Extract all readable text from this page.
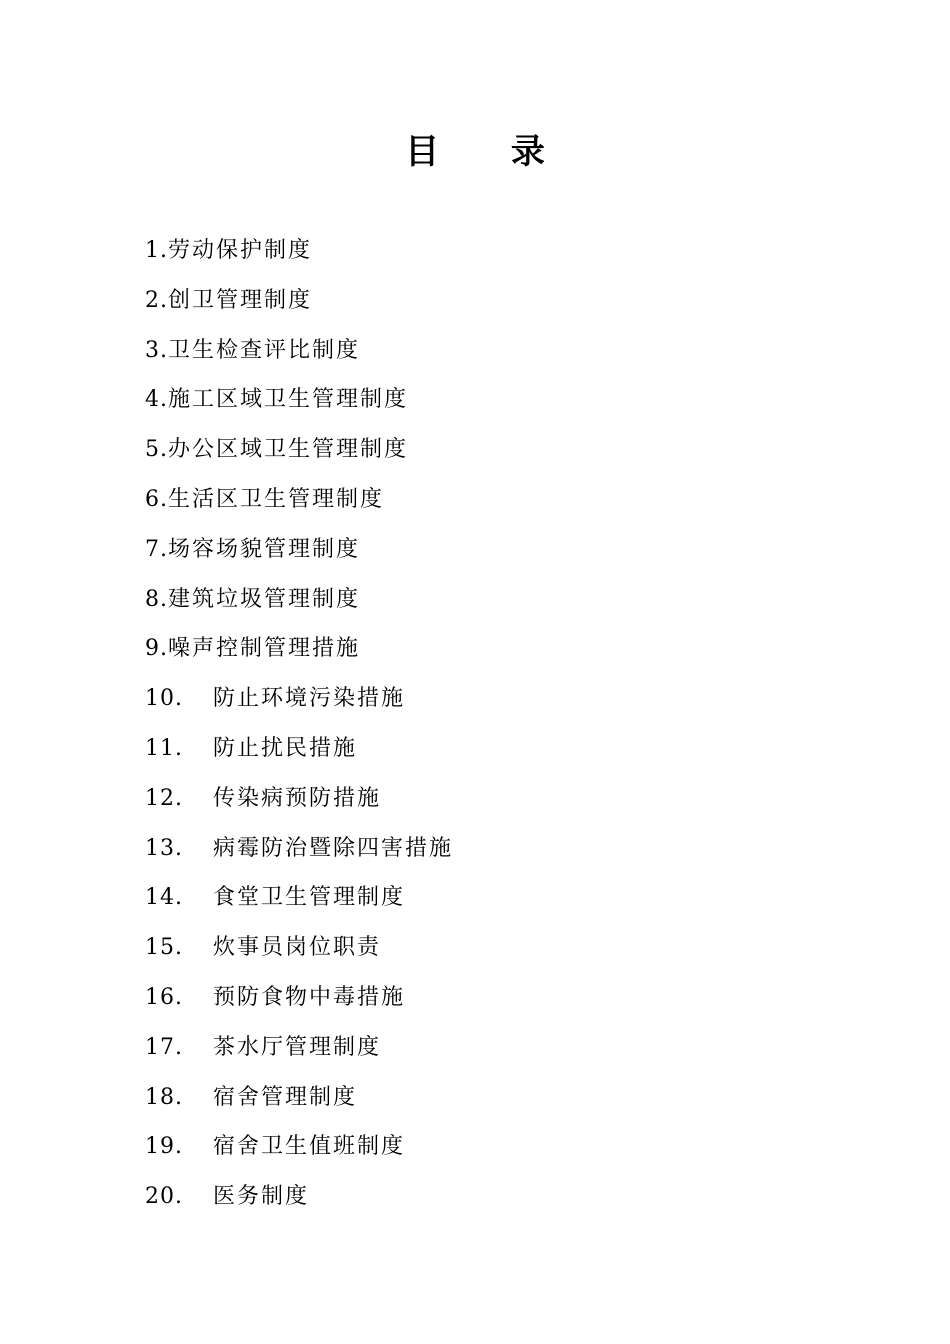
目 录
1.劳动保护制度
2.创卫管理制度
3.卫生检查评比制度
4.施工区域卫生管理制度
5.办公区域卫生管理制度
6.生活区卫生管理制度
7.场容场貌管理制度
8.建筑垃圾管理制度
9.噪声控制管理措施
10. 防止环境污染措施
11. 防止扰民措施
12. 传染病预防措施
13. 病霉防治暨除四害措施
14. 食堂卫生管理制度
15. 炊事员岗位职责
16. 预防食物中毒措施
17. 茶水厅管理制度
18. 宿舍管理制度
19. 宿舍卫生值班制度
20. 医务制度
